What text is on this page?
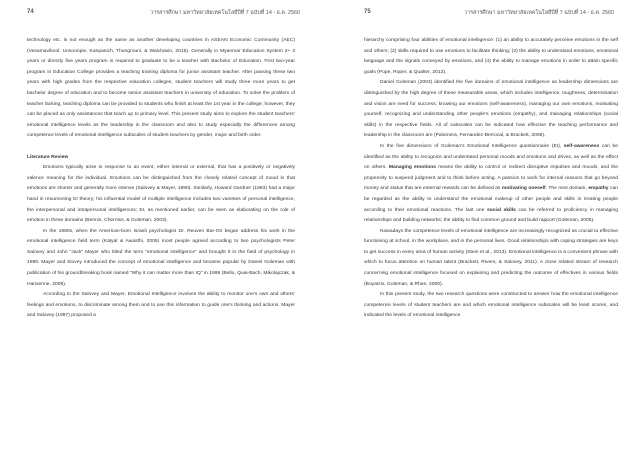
74	วารสารศึกษา มหาวิทยาลัยเทคโนโลยีปีที่ 7 ฉบับที่ 14 - ธ.ค. 2560

technology etc. is not enough as the same as another developing countries in ASEAN Economic Community (AEC) (Vesamavibool, Unsoonpie, Kanpanich, Thongrouni, & Waichavin, 2015). Generally in Myanmar Education System 2+ 3 years or directly five years program is required to graduate to be a teacher with Bachelor of Education. First two-year program in Education College provides a teaching training diploma for junior assistant teacher. After passing these two years with high grades from the respective education colleges, student teachers will study three more years to get bachelor degree of education and to become senior assistant teachers in university of education. To solve the problem of teacher lacking, teaching diploma can be provided to students who finish at least the 1st year in the college; however, they can be placed as only assistances that teach up to primary level. This present study aims to explore the student teachers’ emotional intelligence levels as the leadership in the classroom and also to study especially the differences among competence levels of emotional intelligence subscales of student teachers by gender, major and birth order.

Literature Review

Emotions typically arise in response to an event, either internal or external, that has a positively or negatively valence meaning for the individual. Emotions can be distinguished from the closely related concept of mood in that emotions are shorter and generally more intense (Salovey & Mayer, 1990). Similarly, Howard Gardner (1983) had a major hand in resurrecting EI theory; his influential model of multiple intelligence includes two varieties of personal intelligence, the interpersonal and intrapersonal intelligences; EI, as mentioned earlier, can be seen as elaborating on the role of emotion in these domains (Bennis, Cherniss, & Goleman, 2003).

In the 1980s, when the American-born Israeli psychologist Dr. Reuven Bar-On began address his work in the emotional intelligence field term (Katyal & Awasthi, 2005) most people agreed according to two psychologists Peter Salovey and John “Jack” Mayer who titled the term “emotional intelligence” and brought it in the field of psychology in 1990. Mayer and Slovey introduced the concept of emotional intelligence and became popular by Daniel Goleman with publication of his groundbreaking book named “Why it can matter more than IQ” in 1995 (Bello, Quai-Bach, Mikolajczak, & Hansenne, 2009).

According to the Salovey and Mayer, Emotional Intelligence involves the ability to monitor one’s own and others’ feelings and emotions, to discriminate among them and to use this information to guide one’s thinking and actions. Mayer and Salovey (1997) proposed a

75	วารสารศึกษา มหาวิทยาลัยเทคโนโลยีปีที่ 7 ฉบับที่ 14 - ธ.ค. 2560

hierarchy comprising four abilities of emotional intelligence: (1) an ability to accurately perceive emotions in the self and others; (2) skills required to use emotions to facilitate thinking; (3) the ability to understand emotions, emotional language and the signals conveyed by emotions, and (4) the ability to manage emotions in order to attain specific goals (Pope, Roper, & Qualter, 2012).

Daniel Goleman (2004) identified the five domains of emotional intelligence as leadership dimensions are distinguished by the high degree of these measurable areas, which includes intelligence, toughness, determination and vision are need for success; knowing our emotions (self-awareness), managing our own emotions, motivating yourself, recognizing and understanding other people’s emotions (empathy), and managing relationships (social skills) in the respective fields. All of subscales can be indicated how effective the teaching performance and leadership in the classroom are (Palomera, Fernandez-Berrocal, & Brackett, 2008).

In the five dimensions of Goleman’s Emotional Intelligence questionnaire (EI), self-awareness can be identified as the ability to recognize and understand personal moods and emotions and drives, as well as the effect on others. Managing emotions means the ability to control or redirect disruptive impulses and moods, and the propensity to suspend judgment and to think before acting. A passion to work for internal reasons that go beyond money and status that are external rewards can be defined as motivating oneself. The next domain, empathy can be regarded as the ability to understand the emotional makeup of other people and skills in treating people according to their emotional reactions. The last one social skills can be referred to proficiency in managing relationships and building networks; the ability to find common ground and build rapport (Goleman, 2005).

Nowadays the competence levels of emotional intelligence are increasingly recognized as crucial to effective functioning at school, in the workplace, and in the personal lives. Good relationships with coping strategies are keys to get success in every area of human activity (Stein et al., 2013). Emotional intelligence is a convenient phrase with which to focus attention on human talent (Brackett, Rivers, & Salovey, 2011). A close related stream of research concerning emotional intelligence focused on explaining and predicting the outcome of effectives in various fields (Boyatzis, Goleman, & Rhee, 2000).

In this present study, the two research questions were constructed to answer how the emotional intelligence competence levels of student teachers are and which emotional intelligence subscales will be least scores, and indicated the levels of emotional intelligence
